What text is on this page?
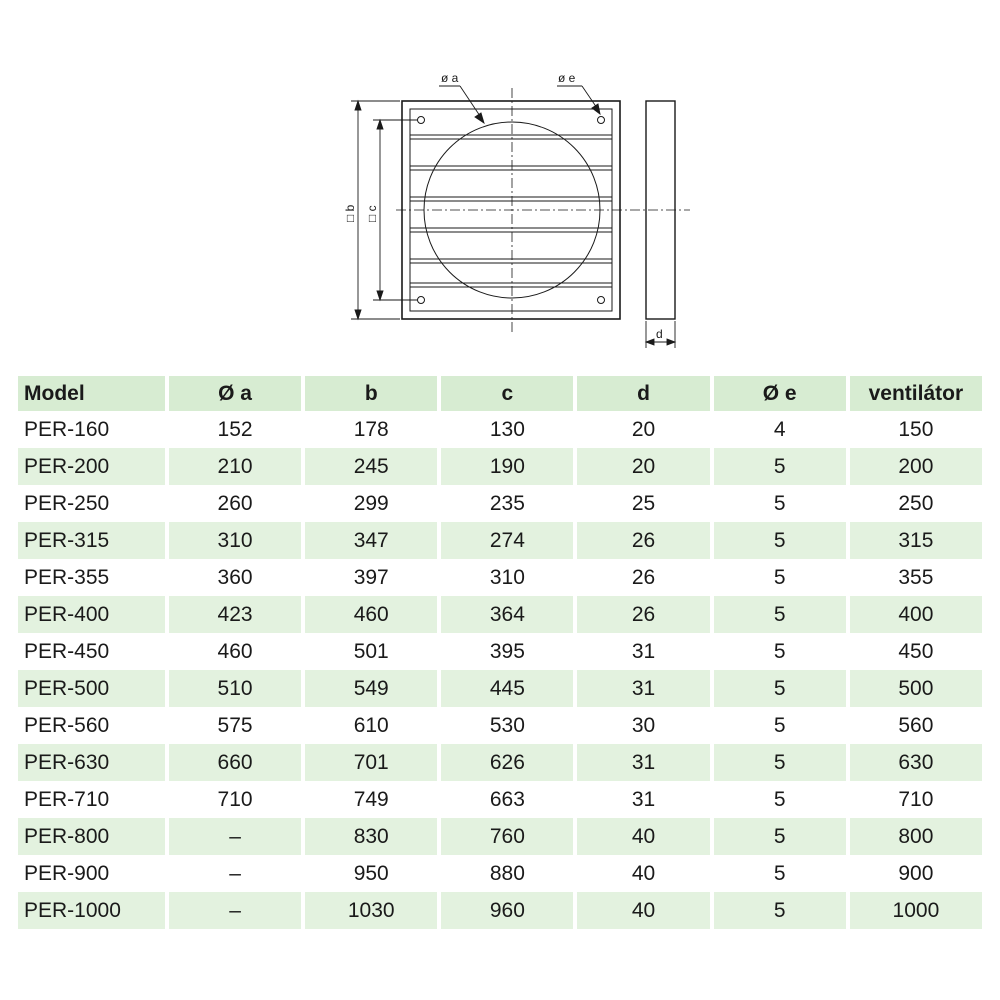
□ b □ c
ø a	ø e
d
Model	Ø a	b	c	d	Ø e	ventilátor
PER-160	152	178	130	20	4	150
PER-200	210	245	190	20	5	200
PER-250	260	299	235	25	5	250
PER-315	310	347	274	26	5	315
PER-355	360	397	310	26	5	355
PER-400	423	460	364	26	5	400
PER-450	460	501	395	31	5	450
PER-500	510	549	445	31	5	500
PER-560	575	610	530	30	5	560
PER-630	660	701	626	31	5	630
PER-710	710	749	663	31	5	710
PER-800	–	830	760	40	5	800
PER-900	–	950	880	40	5	900
PER-1000	–	1030	960	40	5	1000
